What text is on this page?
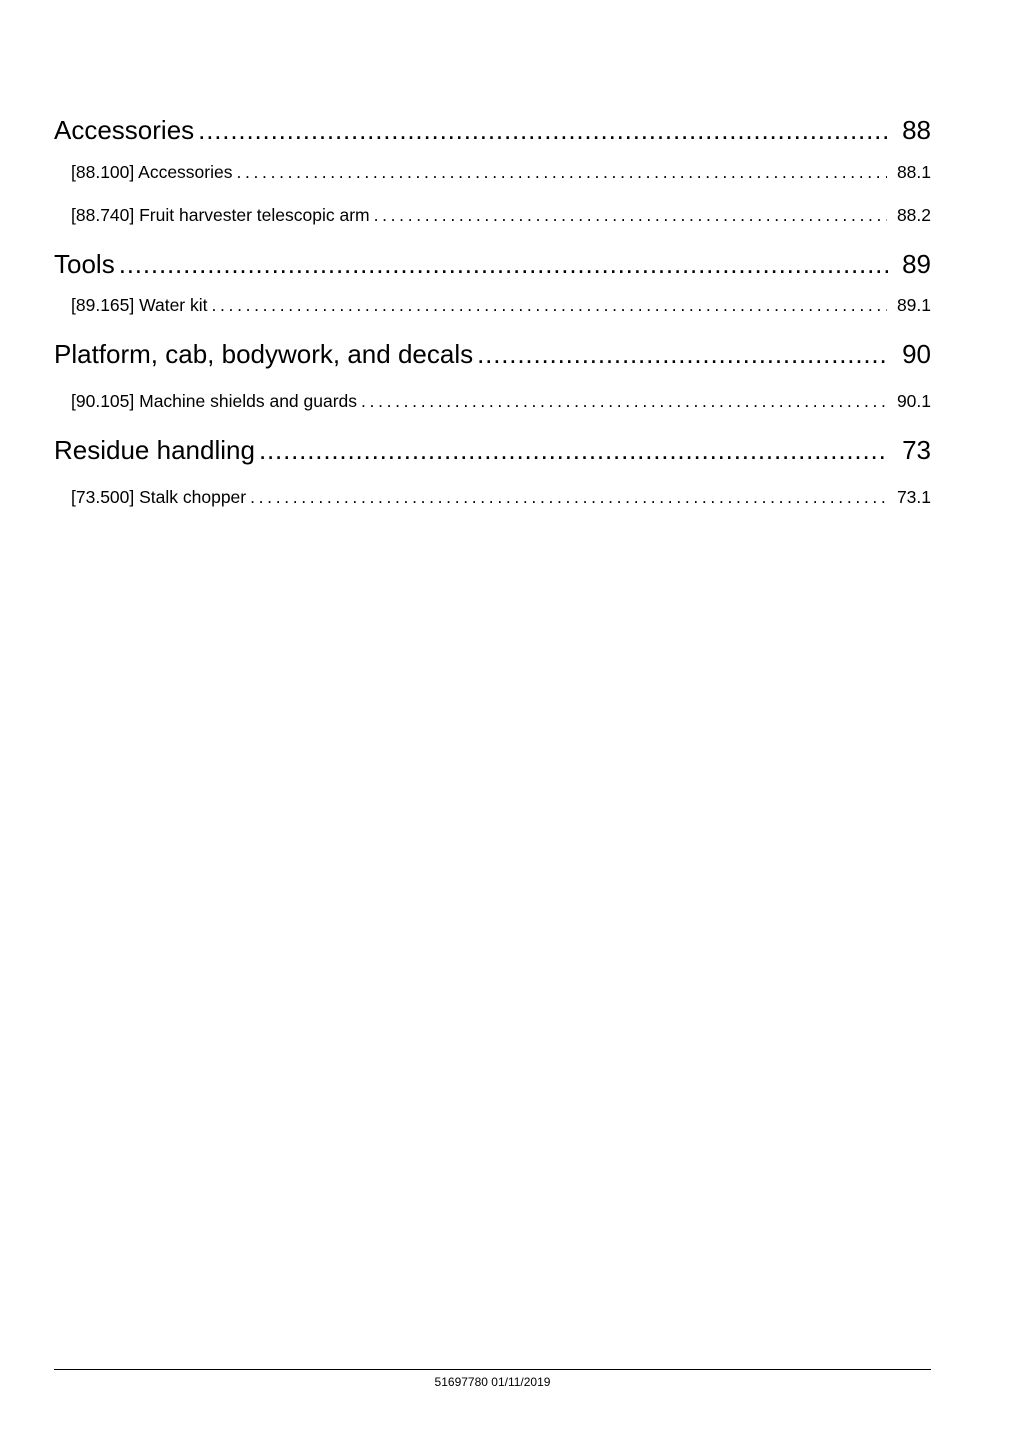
Accessories . . .	88
[88.100] Accessories . . .	88.1
[88.740] Fruit harvester telescopic arm . . .	88.2
Tools . . .	89
[89.165] Water kit . . .	89.1
Platform, cab, bodywork, and decals . . .	90
[90.105] Machine shields and guards . . .	90.1
Residue handling . . .	73
[73.500] Stalk chopper . . .	73.1
51697780 01/11/2019
